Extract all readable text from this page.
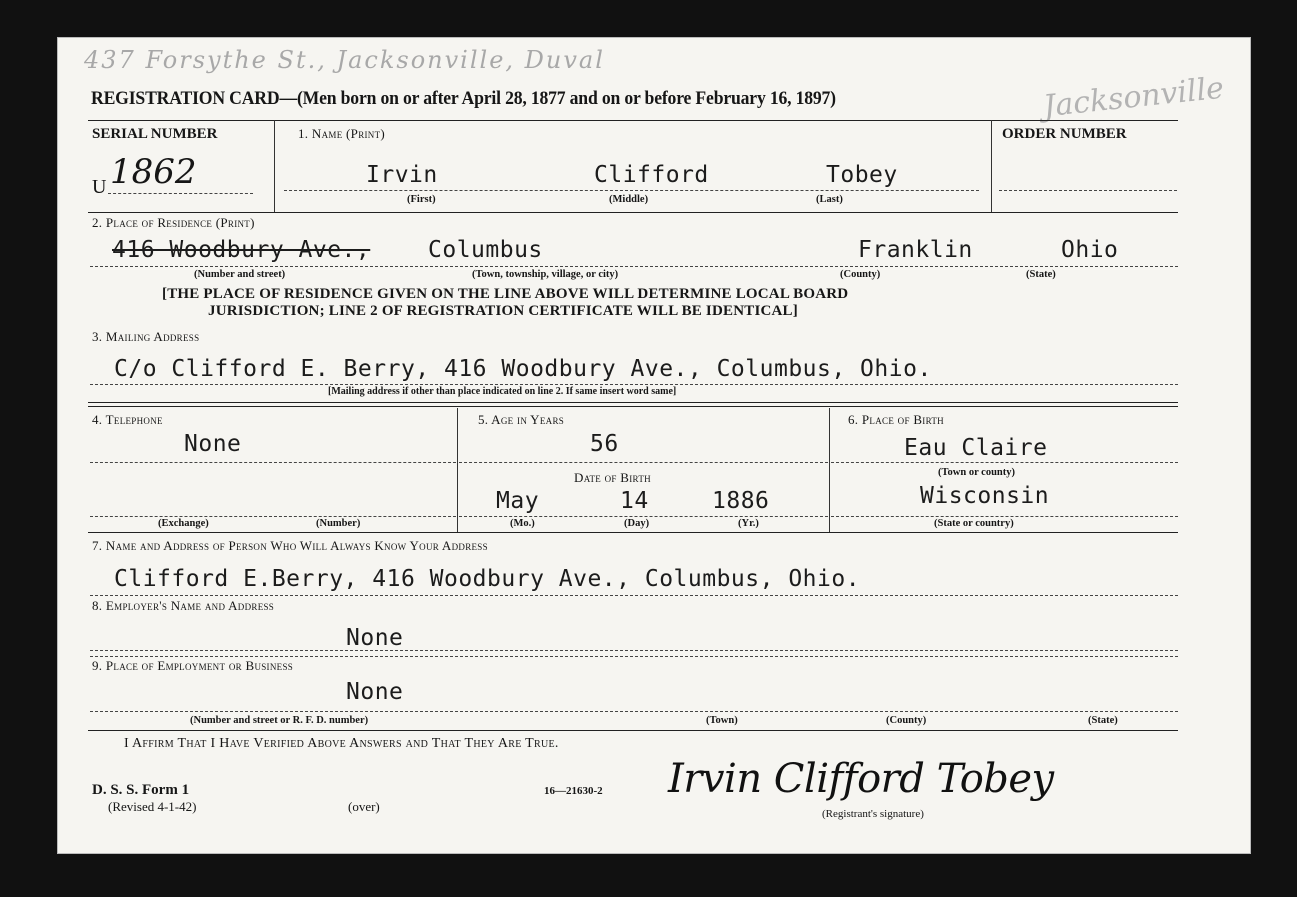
437 Forsythe St., Jacksonville, Duval
Jacksonville
REGISTRATION CARD—(Men born on or after April 28, 1877 and on or before February 16, 1897)
SERIAL NUMBER
U 1862
1. Name (Print)
Irvin	Clifford	Tobey
(First)	(Middle)	(Last)
ORDER NUMBER
2. Place of Residence (Print)
416 Woodbury Ave.,	Columbus	Franklin	Ohio
(Number and street)	(Town, township, village, or city)	(County)	(State)
[THE PLACE OF RESIDENCE GIVEN ON THE LINE ABOVE WILL DETERMINE LOCAL BOARD
JURISDICTION; LINE 2 OF REGISTRATION CERTIFICATE WILL BE IDENTICAL]
3. Mailing Address
C/o Clifford E. Berry, 416 Woodbury Ave., Columbus, Ohio.
[Mailing address if other than place indicated on line 2. If same insert word same]
4. Telephone
None
(Exchange)	(Number)
5. Age in Years
56
Date of Birth
May	14	1886
(Mo.)	(Day)	(Yr.)
6. Place of Birth
Eau Claire
(Town or county)
Wisconsin
(State or country)
7. Name and Address of Person Who Will Always Know Your Address
Clifford E.Berry, 416 Woodbury Ave., Columbus, Ohio.
8. Employer's Name and Address
None
9. Place of Employment or Business
None
(Number and street or R. F. D. number)	(Town)	(County)	(State)
I Affirm That I Have Verified Above Answers and That They Are True.
D. S. S. Form 1
(Revised 4-1-42)	(over)
16—21630-2 Irvin Clifford Tobey
(Registrant's signature)
